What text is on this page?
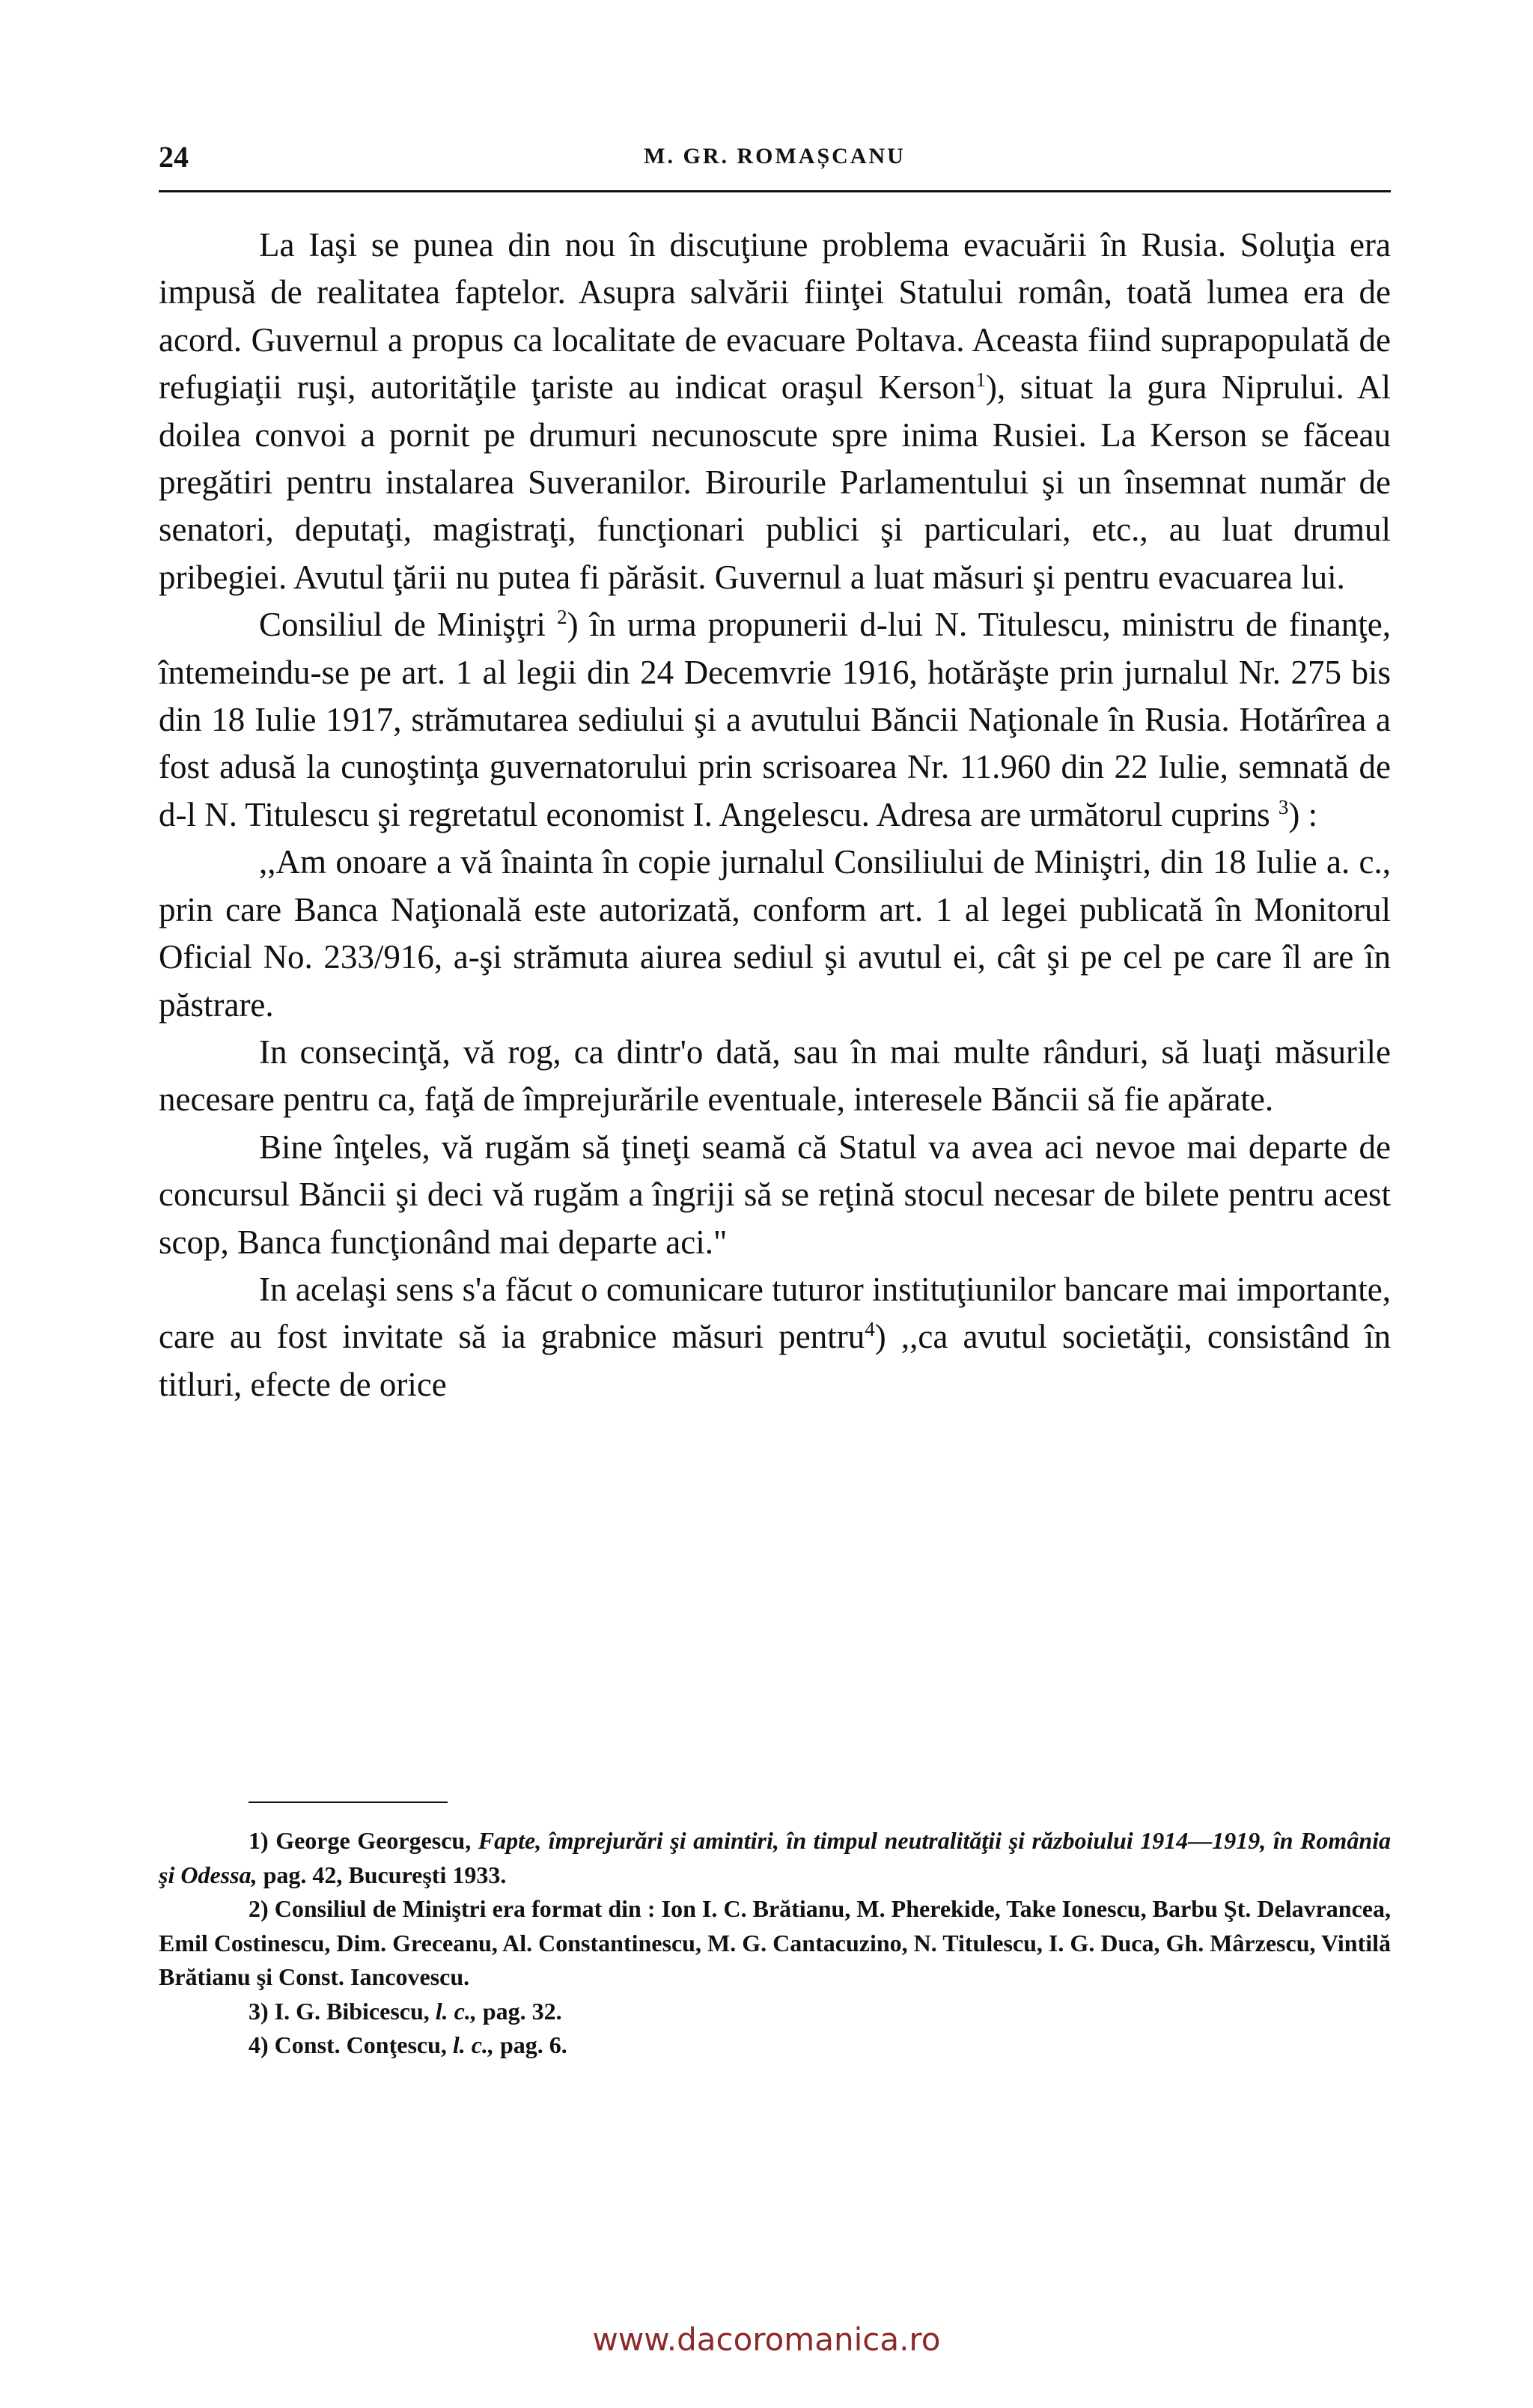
24	M. GR. ROMAȘCANU

La Iaşi se punea din nou în discuţiune problema evacuării în Rusia. Soluţia era impusă de realitatea faptelor. Asupra salvării fiinţei Statului român, toată lumea era de acord. Guvernul a propus ca localitate de evacuare Poltava. Aceasta fiind suprapopulată de refugiaţii ruşi, autorităţile ţariste au indicat oraşul Kerson$^1$), situat la gura Niprului. Al doilea convoi a pornit pe drumuri necunoscute spre inima Rusiei. La Kerson se făceau pregătiri pentru instalarea Suveranilor. Birourile Parlamentului şi un însemnat număr de senatori, deputaţi, magistraţi, funcţionari publici şi particulari, etc., au luat drumul pribegiei. Avutul ţării nu putea fi părăsit. Guvernul a luat măsuri şi pentru evacuarea lui.

Consiliul de Minişţri $^2$) în urma propunerii d-lui N. Titulescu, ministru de finanţe, întemeindu-se pe art. 1 al legii din 24 Decemvrie 1916, hotărăşte prin jurnalul Nr. 275 bis din 18 Iulie 1917, strămutarea sediului şi a avutului Băncii Naţionale în Rusia. Hotărîrea a fost adusă la cunoştinţa guvernatorului prin scrisoarea Nr. 11.960 din 22 Iulie, semnată de d-l N. Titulescu şi regretatul economist I. Angelescu. Adresa are următorul cuprins $^3$) :

,,Am onoare a vă înainta în copie jurnalul Consiliului de Miniştri, din 18 Iulie a. c., prin care Banca Naţională este autorizată, conform art. 1 al legei publicată în Monitorul Oficial No. 233/916, a-şi strămuta aiurea sediul şi avutul ei, cât şi pe cel pe care îl are în păstrare.

In consecinţă, vă rog, ca dintr'o dată, sau în mai multe rânduri, să luaţi măsurile necesare pentru ca, faţă de împrejurările eventuale, interesele Băncii să fie apărate.

Bine înţeles, vă rugăm să ţineţi seamă că Statul va avea aci nevoe mai departe de concursul Băncii şi deci vă rugăm a îngriji să se reţină stocul necesar de bilete pentru acest scop, Banca funcţionând mai departe aci."

In acelaşi sens s'a făcut o comunicare tuturor instituţiunilor bancare mai importante, care au fost invitate să ia grabnice măsuri pentru$^4$) ,,ca avutul societăţii, consistând în titluri, efecte de orice

1) George Georgescu, Fapte, împrejurări şi amintiri, în timpul neutralităţii şi războiului 1914—1919, în România şi Odessa, pag. 42, Bucureşti 1933.

2) Consiliul de Miniştri era format din : Ion I. C. Brătianu, M. Pherekide, Take Ionescu, Barbu Şt. Delavrancea, Emil Costinescu, Dim. Greceanu, Al. Constantinescu, M. G. Cantacuzino, N. Titulescu, I. G. Duca, Gh. Mârzescu, Vintilă Brătianu şi Const. Iancovescu.

3) I. G. Bibicescu, l. c., pag. 32.

4) Const. Conţescu, l. c., pag. 6.

www.dacoromanica.ro
